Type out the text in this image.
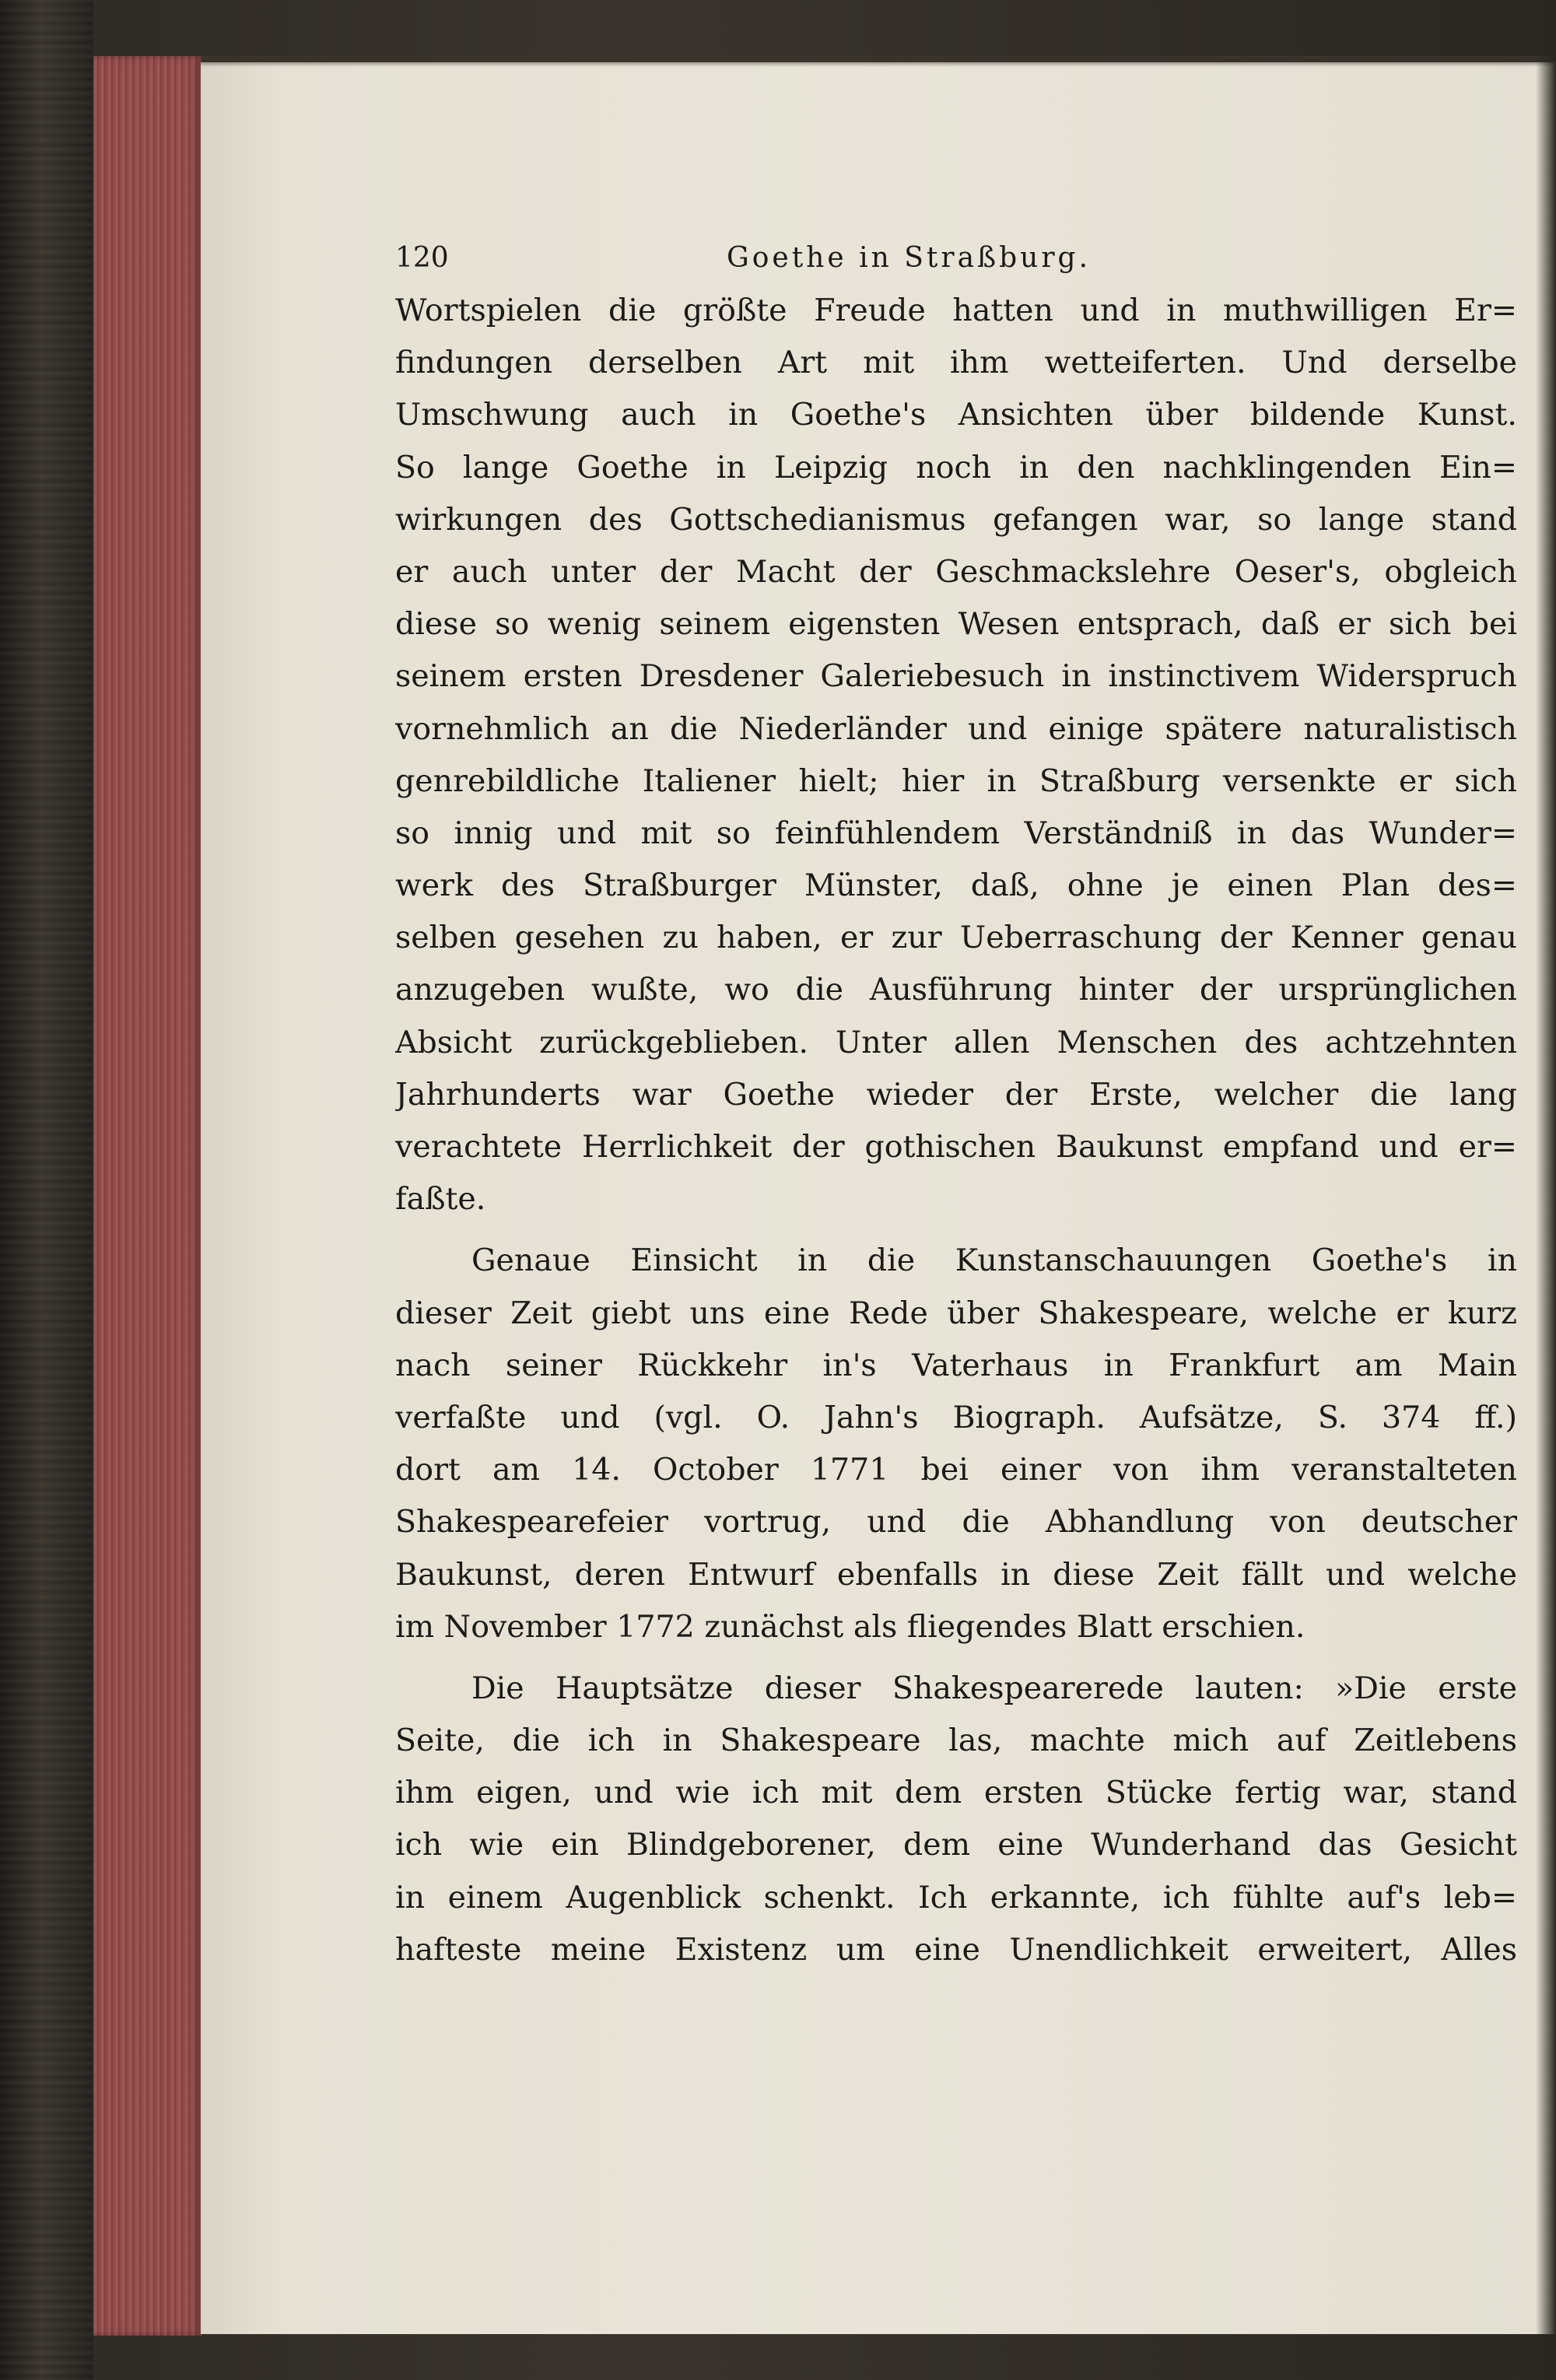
120	Goethe in Straßburg.
Wortspielen die größte Freude hatten und in muthwilligen Er=
findungen derselben Art mit ihm wetteiferten. Und derselbe
Umschwung auch in Goethe's Ansichten über bildende Kunst.
So lange Goethe in Leipzig noch in den nachklingenden Ein=
wirkungen des Gottschedianismus gefangen war, so lange stand
er auch unter der Macht der Geschmackslehre Oeser's, obgleich
diese so wenig seinem eigensten Wesen entsprach, daß er sich bei
seinem ersten Dresdener Galeriebesuch in instinctivem Widerspruch
vornehmlich an die Niederländer und einige spätere naturalistisch
genrebildliche Italiener hielt; hier in Straßburg versenkte er sich
so innig und mit so feinfühlendem Verständniß in das Wunder=
werk des Straßburger Münster, daß, ohne je einen Plan des=
selben gesehen zu haben, er zur Ueberraschung der Kenner genau
anzugeben wußte, wo die Ausführung hinter der ursprünglichen
Absicht zurückgeblieben. Unter allen Menschen des achtzehnten
Jahrhunderts war Goethe wieder der Erste, welcher die lang
verachtete Herrlichkeit der gothischen Baukunst empfand und er=
faßte.
Genaue Einsicht in die Kunstanschauungen Goethe's in
dieser Zeit giebt uns eine Rede über Shakespeare, welche er kurz
nach seiner Rückkehr in's Vaterhaus in Frankfurt am Main
verfaßte und (vgl. O. Jahn's Biograph. Aufsätze, S. 374 ff.)
dort am 14. October 1771 bei einer von ihm veranstalteten
Shakespearefeier vortrug, und die Abhandlung von deutscher
Baukunst, deren Entwurf ebenfalls in diese Zeit fällt und welche
im November 1772 zunächst als fliegendes Blatt erschien.
Die Hauptsätze dieser Shakespearerede lauten: »Die erste
Seite, die ich in Shakespeare las, machte mich auf Zeitlebens
ihm eigen, und wie ich mit dem ersten Stücke fertig war, stand
ich wie ein Blindgeborener, dem eine Wunderhand das Gesicht
in einem Augenblick schenkt. Ich erkannte, ich fühlte auf's leb=
hafteste meine Existenz um eine Unendlichkeit erweitert, Alles
